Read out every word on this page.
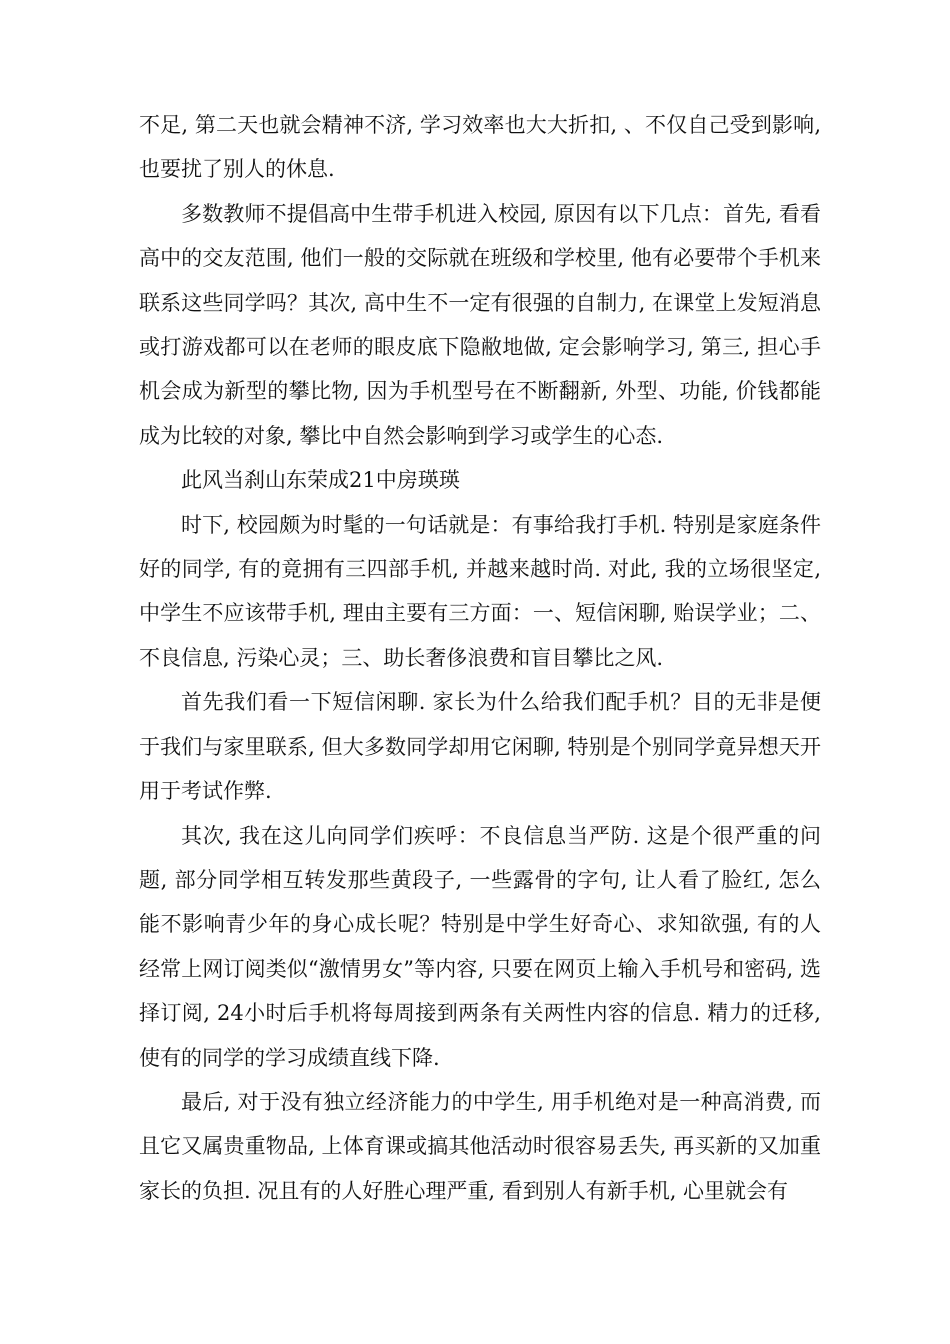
不足, 第二天也就会精神不济, 学习效率也大大折扣, 、不仅自己受到影响, 也要扰了别人的休息.

多数教师不提倡高中生带手机进入校园, 原因有以下几点：首先, 看看高中的交友范围, 他们一般的交际就在班级和学校里, 他有必要带个手机来联系这些同学吗？其次, 高中生不一定有很强的自制力, 在课堂上发短消息或打游戏都可以在老师的眼皮底下隐敝地做, 定会影响学习, 第三, 担心手机会成为新型的攀比物, 因为手机型号在不断翻新, 外型、功能, 价钱都能成为比较的对象, 攀比中自然会影响到学习或学生的心态.

此风当刹山东荣成21中房瑛瑛

时下, 校园颇为时髦的一句话就是：有事给我打手机. 特别是家庭条件好的同学, 有的竟拥有三四部手机, 并越来越时尚. 对此, 我的立场很坚定, 中学生不应该带手机, 理由主要有三方面：一、短信闲聊, 贻误学业；二、不良信息, 污染心灵；三、助长奢侈浪费和盲目攀比之风.

首先我们看一下短信闲聊. 家长为什么给我们配手机？目的无非是便于我们与家里联系, 但大多数同学却用它闲聊, 特别是个别同学竟异想天开用于考试作弊.

其次, 我在这儿向同学们疾呼：不良信息当严防. 这是个很严重的问题, 部分同学相互转发那些黄段子, 一些露骨的字句, 让人看了脸红, 怎么能不影响青少年的身心成长呢？特别是中学生好奇心、求知欲强, 有的人经常上网订阅类似“激情男女”等内容, 只要在网页上输入手机号和密码, 选择订阅, 24小时后手机将每周接到两条有关两性内容的信息. 精力的迁移, 使有的同学的学习成绩直线下降.

最后, 对于没有独立经济能力的中学生, 用手机绝对是一种高消费, 而且它又属贵重物品, 上体育课或搞其他活动时很容易丢失, 再买新的又加重家长的负担. 况且有的人好胜心理严重, 看到别人有新手机, 心里就会有
